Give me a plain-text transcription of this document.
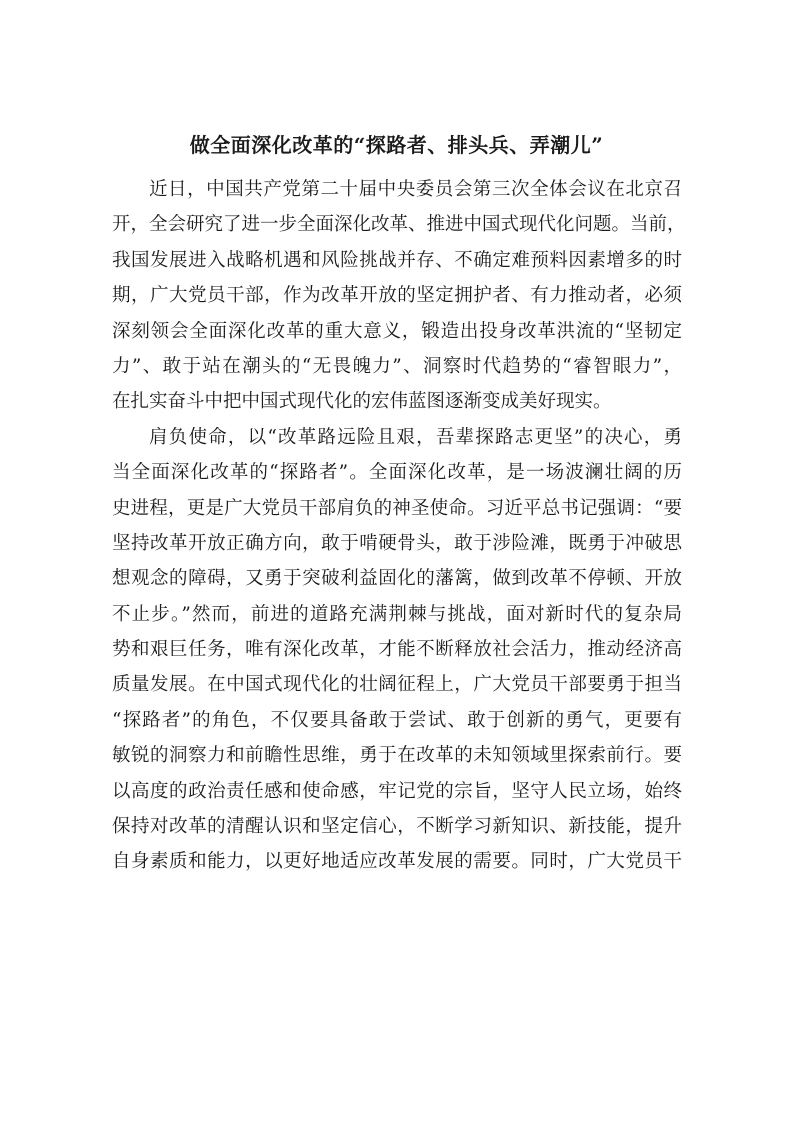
做全面深化改革的“探路者、排头兵、弄潮儿”

近日，中国共产党第二十届中央委员会第三次全体会议在北京召
开，全会研究了进一步全面深化改革、推进中国式现代化问题。当前，
我国发展进入战略机遇和风险挑战并存、不确定难预料因素增多的时
期，广大党员干部，作为改革开放的坚定拥护者、有力推动者，必须
深刻领会全面深化改革的重大意义，锻造出投身改革洪流的“坚韧定
力”、敢于站在潮头的“无畏魄力”、洞察时代趋势的“睿智眼力”，
在扎实奋斗中把中国式现代化的宏伟蓝图逐渐变成美好现实。

肩负使命，以“改革路远险且艰，吾辈探路志更坚”的决心，勇
当全面深化改革的“探路者”。全面深化改革，是一场波澜壮阔的历
史进程，更是广大党员干部肩负的神圣使命。习近平总书记强调：“要
坚持改革开放正确方向，敢于啃硬骨头，敢于涉险滩，既勇于冲破思
想观念的障碍，又勇于突破利益固化的藩篱，做到改革不停顿、开放
不止步。”然而，前进的道路充满荆棘与挑战，面对新时代的复杂局
势和艰巨任务，唯有深化改革，才能不断释放社会活力，推动经济高
质量发展。在中国式现代化的壮阔征程上，广大党员干部要勇于担当
“探路者”的角色，不仅要具备敢于尝试、敢于创新的勇气，更要有
敏锐的洞察力和前瞻性思维，勇于在改革的未知领域里探索前行。要
以高度的政治责任感和使命感，牢记党的宗旨，坚守人民立场，始终
保持对改革的清醒认识和坚定信心，不断学习新知识、新技能，提升
自身素质和能力，以更好地适应改革发展的需要。同时，广大党员干
